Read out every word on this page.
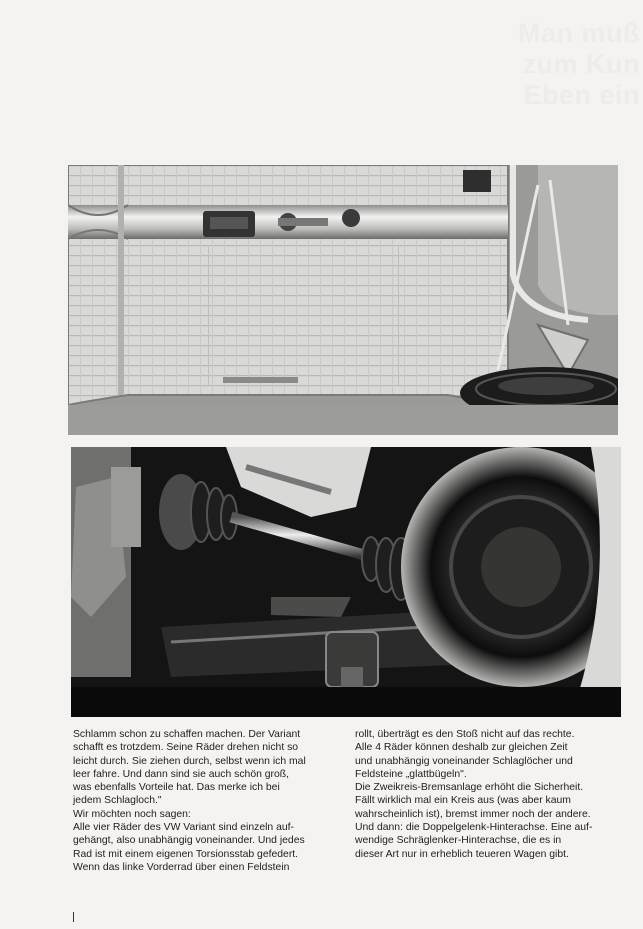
Man muß
zum Kun
Eben ein

Schlamm schon zu schaffen machen. Der Variant
schafft es trotzdem. Seine Räder drehen nicht so
leicht durch. Sie ziehen durch, selbst wenn ich mal
leer fahre. Und dann sind sie auch schön groß,
was ebenfalls Vorteile hat. Das merke ich bei
jedem Schlagloch."
Wir möchten noch sagen:
Alle vier Räder des VW Variant sind einzeln auf-
gehängt, also unabhängig voneinander. Und jedes
Rad ist mit einem eigenen Torsionsstab gefedert.
Wenn das linke Vorderrad über einen Feldstein

rollt, überträgt es den Stoß nicht auf das rechte.
Alle 4 Räder können deshalb zur gleichen Zeit
und unabhängig voneinander Schlaglöcher und
Feldsteine „glattbügeln".
Die Zweikreis-Bremsanlage erhöht die Sicherheit.
Fällt wirklich mal ein Kreis aus (was aber kaum
wahrscheinlich ist), bremst immer noch der andere.
Und dann: die Doppelgelenk-Hinterachse. Eine auf-
wendige Schräglenker-Hinterachse, die es in
dieser Art nur in erheblich teueren Wagen gibt.
